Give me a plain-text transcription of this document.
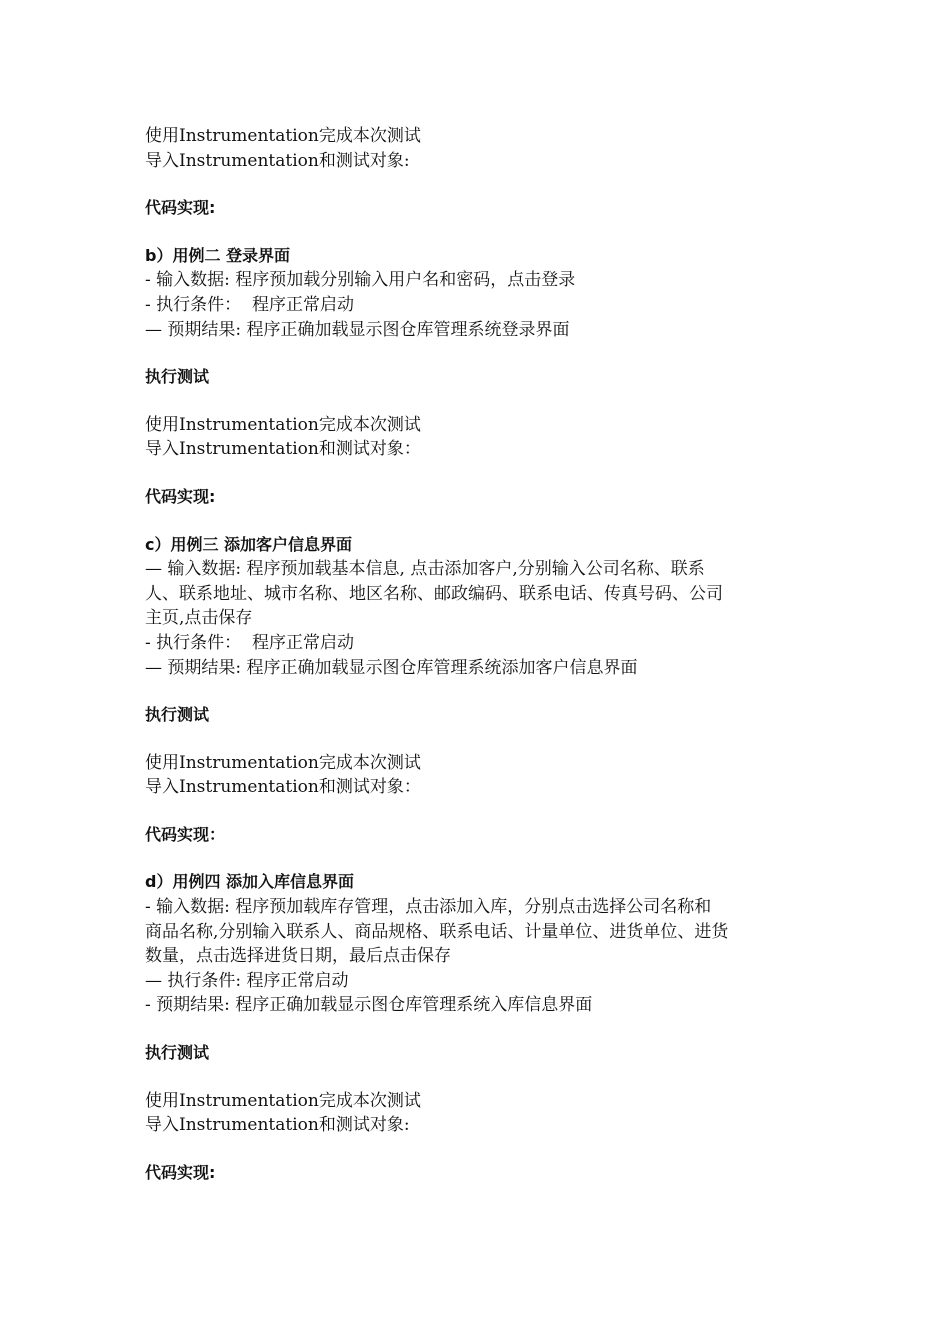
使用Instrumentation完成本次测试
导入Instrumentation和测试对象:
代码实现:
b）用例二 登录界面
- 输入数据: 程序预加载分别输入用户名和密码，点击登录
- 执行条件：  程序正常启动
— 预期结果: 程序正确加载显示图仓库管理系统登录界面
执行测试
使用Instrumentation完成本次测试
导入Instrumentation和测试对象：
代码实现:
c）用例三 添加客户信息界面
— 输入数据: 程序预加载基本信息, 点击添加客户,分别输入公司名称、联系
人、联系地址、城市名称、地区名称、邮政编码、联系电话、传真号码、公司
主页,点击保存
- 执行条件：  程序正常启动
— 预期结果: 程序正确加载显示图仓库管理系统添加客户信息界面
执行测试
使用Instrumentation完成本次测试
导入Instrumentation和测试对象：
代码实现：
d）用例四 添加入库信息界面
- 输入数据: 程序预加载库存管理，点击添加入库，分别点击选择公司名称和
商品名称,分别输入联系人、商品规格、联系电话、计量单位、进货单位、进货
数量，点击选择进货日期，最后点击保存
— 执行条件: 程序正常启动
- 预期结果: 程序正确加载显示图仓库管理系统入库信息界面
执行测试
使用Instrumentation完成本次测试
导入Instrumentation和测试对象:
代码实现:
